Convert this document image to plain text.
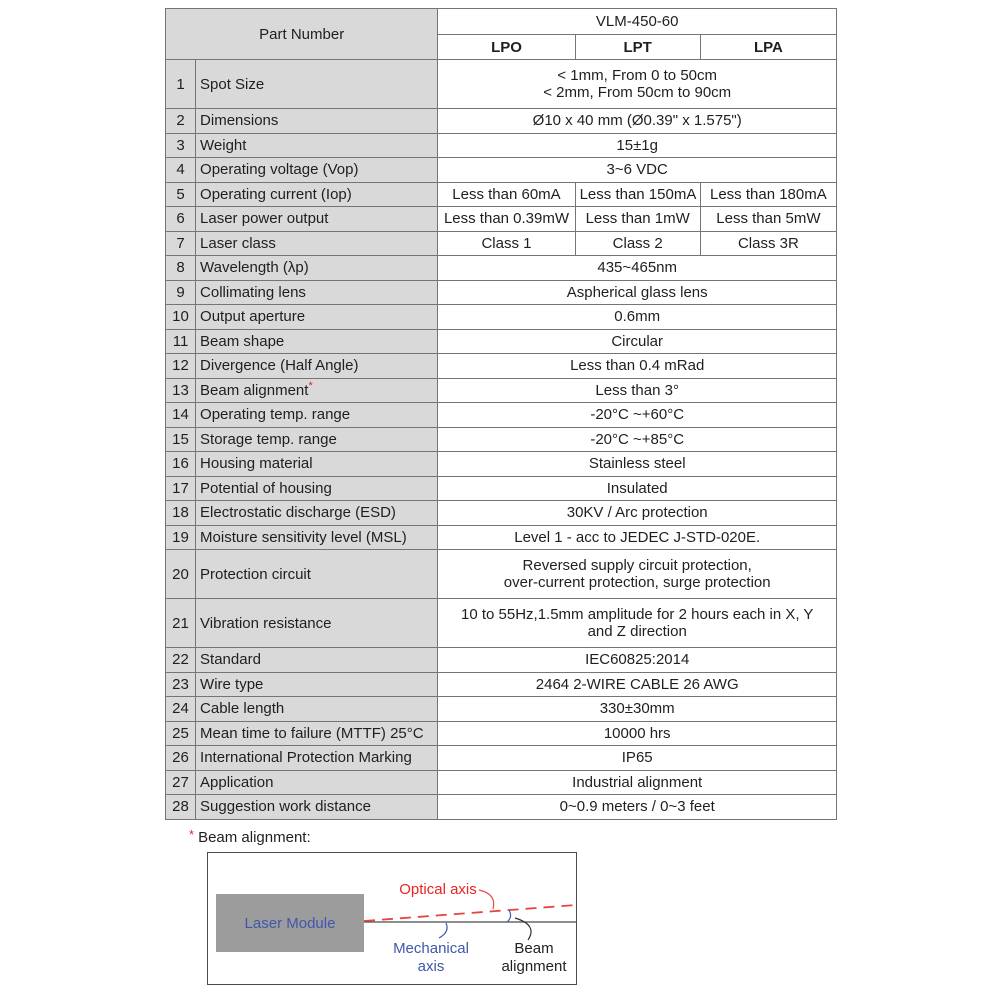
Part Number		VLM-450-60		
		LPO	LPT	LPA
1	Spot Size	< 1mm, From 0 to 50cm
< 2mm, From 50cm to 90cm		

2	Dimensions	Ø10 x 40 mm (Ø0.39" x 1.575")		
3	Weight	15±1g		
4	Operating voltage (Vop)	3~6 VDC		
5	Operating current (Iop)	Less than 60mA	Less than 150mA	Less than 180mA
6	Laser power output	Less than 0.39mW	Less than 1mW	Less than 5mW
7	Laser class	Class 1	Class 2	Class 3R
8	Wavelength (λp)	435~465nm		
9	Collimating lens	Aspherical glass lens		
10	Output aperture	0.6mm		
11	Beam shape	Circular		
12	Divergence (Half Angle)	Less than 0.4 mRad		
13	Beam alignment*	Less than 3°		
14	Operating temp. range	-20°C ~+60°C		
15	Storage temp. range	-20°C ~+85°C		
16	Housing material	Stainless steel		
17	Potential of housing	Insulated		
18	Electrostatic discharge (ESD)	30KV / Arc protection		
19	Moisture sensitivity level (MSL)	Level 1 - acc to JEDEC J-STD-020E.		
20	Protection circuit	Reversed supply circuit protection,
over-current protection, surge protection		

21	Vibration resistance	10 to 55Hz,1.5mm amplitude for 2 hours each in X, Y
and Z direction		

22	Standard	IEC60825:2014		
23	Wire type	2464 2-WIRE CABLE 26 AWG		
24	Cable length	330±30mm		
25	Mean time to failure (MTTF) 25°C	10000 hrs		
26	International Protection Marking	IP65		
27	Application	Industrial alignment		
28	Suggestion work distance	0~0.9 meters / 0~3 feet		
* Beam alignment:
Laser Module
Optical axis
Mechanical
axis
Beam
alignment
